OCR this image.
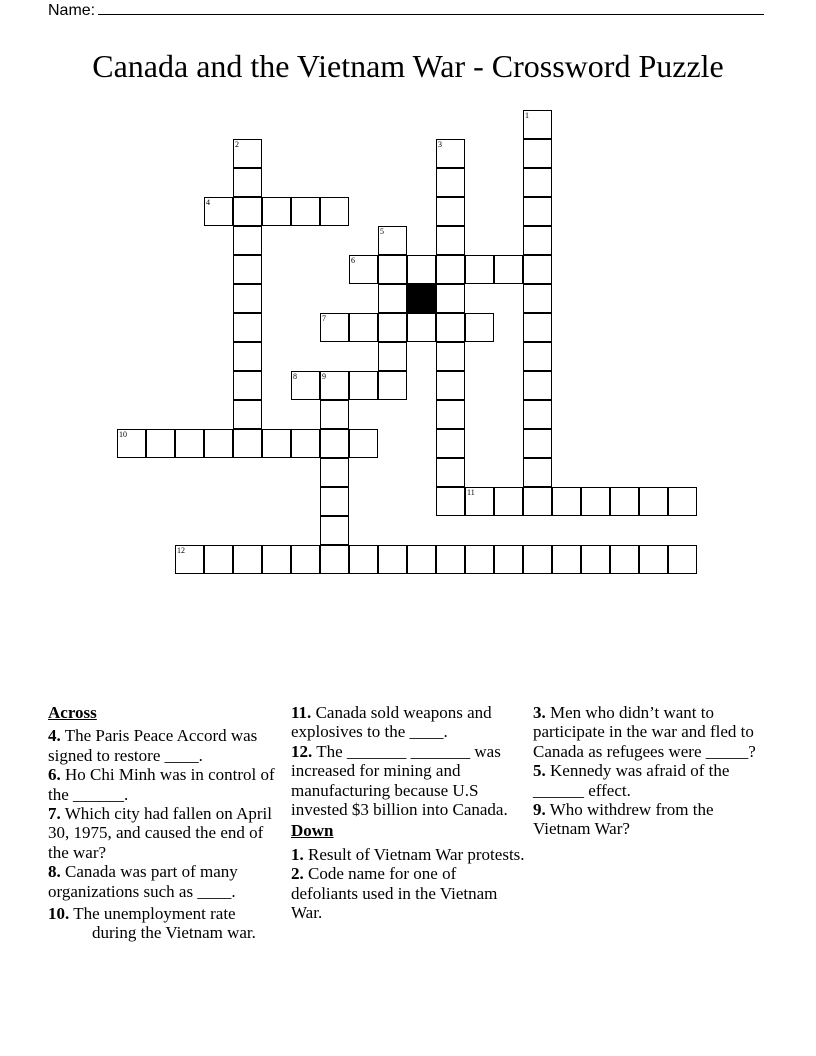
Name:
Canada and the Vietnam War - Crossword Puzzle
1
2	3
4
5
6
7
8	9
10
11
12

Across

4. The Paris Peace Accord was signed to restore ____.

6. Ho Chi Minh was in control of the ______.

7. Which city had fallen on April 30, 1975, and caused the end of the war?

8. Canada was part of many organizations such as ____.

10. The unemployment rate during the Vietnam war.

11. Canada sold weapons and explosives to the ____.

12. The _______ _______ was increased for mining and manufacturing because U.S invested $3 billion into Canada.

Down

1. Result of Vietnam War protests.

2. Code name for one of defoliants used in the Vietnam War.

3. Men who didn’t want to participate in the war and fled to Canada as refugees were _____?

5. Kennedy was afraid of the ______ effect.

9. Who withdrew from the Vietnam War?
